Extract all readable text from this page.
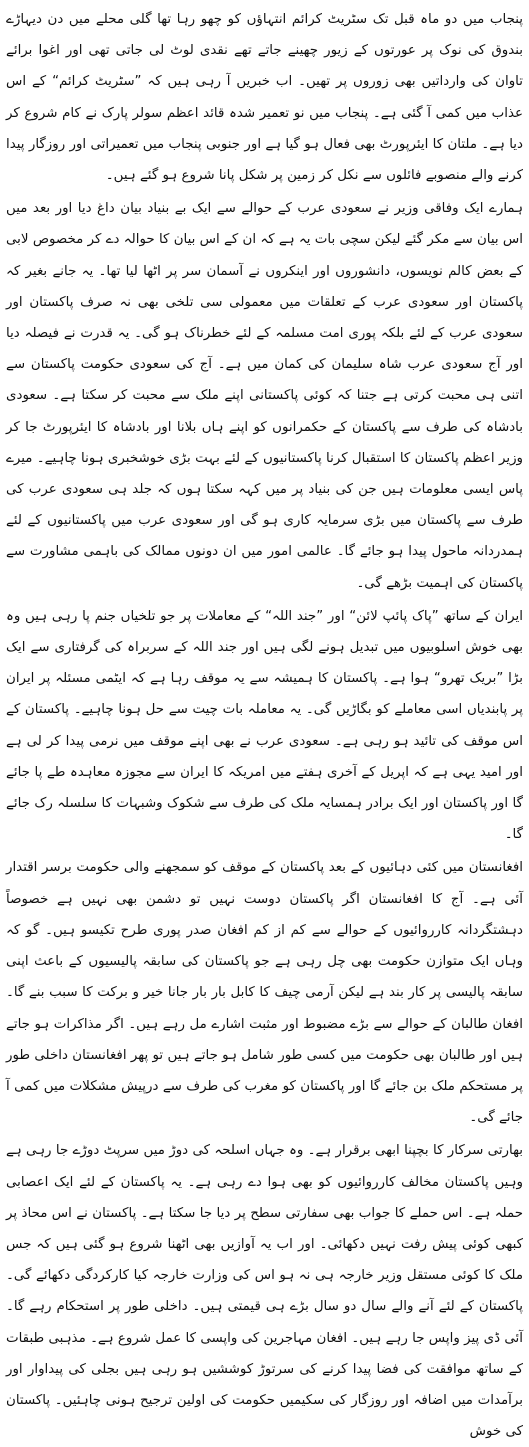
پنجاب میں دو ماہ قبل تک سٹریٹ کرائم انتہاؤں کو چھو رہا تھا گلی محلے میں دن دیہاڑے بندوق کی نوک پر عورتوں کے زیور چھینے جاتے تھے نقدی لوٹ لی جاتی تھی اور اغوا برائے تاوان کی وارداتیں بھی زوروں پر تھیں۔ اب خبریں آ رہی ہیں کہ ”سٹریٹ کرائم“ کے اس عذاب میں کمی آ گئی ہے۔ پنجاب میں نو تعمیر شدہ قائد اعظم سولر پارک نے کام شروع کر دیا ہے۔ ملتان کا ایئرپورٹ بھی فعال ہو گیا ہے اور جنوبی پنجاب میں تعمیراتی اور روزگار پیدا کرنے والے منصوبے فائلوں سے نکل کر زمین پر شکل پانا شروع ہو گئے ہیں۔

ہمارے ایک وفاقی وزیر نے سعودی عرب کے حوالے سے ایک بے بنیاد بیان داغ دیا اور بعد میں اس بیان سے مکر گئے لیکن سچی بات یہ ہے کہ ان کے اس بیان کا حوالہ دے کر مخصوص لابی کے بعض کالم نویسوں، دانشوروں اور اینکروں نے آسمان سر پر اٹھا لیا تھا۔ یہ جانے بغیر کہ پاکستان اور سعودی عرب کے تعلقات میں معمولی سی تلخی بھی نہ صرف پاکستان اور سعودی عرب کے لئے بلکہ پوری امت مسلمہ کے لئے خطرناک ہو گی۔ یہ قدرت نے فیصلہ دیا اور آج سعودی عرب شاہ سلیمان کی کمان میں ہے۔ آج کی سعودی حکومت پاکستان سے اتنی ہی محبت کرتی ہے جتنا کہ کوئی پاکستانی اپنے ملک سے محبت کر سکتا ہے۔ سعودی بادشاہ کی طرف سے پاکستان کے حکمرانوں کو اپنے ہاں بلانا اور بادشاہ کا ایئرپورٹ جا کر وزیر اعظم پاکستان کا استقبال کرنا پاکستانیوں کے لئے بہت بڑی خوشخبری ہونا چاہیے۔ میرے پاس ایسی معلومات ہیں جن کی بنیاد پر میں کہہ سکتا ہوں کہ جلد ہی سعودی عرب کی طرف سے پاکستان میں بڑی سرمایہ کاری ہو گی اور سعودی عرب میں پاکستانیوں کے لئے ہمدردانہ ماحول پیدا ہو جائے گا۔ عالمی امور میں ان دونوں ممالک کی باہمی مشاورت سے پاکستان کی اہمیت بڑھے گی۔

ایران کے ساتھ ”پاک پائپ لائن“ اور ”جند اللہ“ کے معاملات پر جو تلخیاں جنم پا رہی ہیں وہ بھی خوش اسلوبیوں میں تبدیل ہونے لگی ہیں اور جند اللہ کے سربراہ کی گرفتاری سے ایک بڑا ”بریک تھرو“ ہوا ہے۔ پاکستان کا ہمیشہ سے یہ موقف رہا ہے کہ ایٹمی مسئلہ پر ایران پر پابندیاں اسی معاملے کو بگاڑیں گی۔ یہ معاملہ بات چیت سے حل ہونا چاہیے۔ پاکستان کے اس موقف کی تائید ہو رہی ہے۔ سعودی عرب نے بھی اپنے موقف میں نرمی پیدا کر لی ہے اور امید یہی ہے کہ اپریل کے آخری ہفتے میں امریکہ کا ایران سے مجوزہ معاہدہ طے پا جائے گا اور پاکستان اور ایک برادر ہمسایہ ملک کی طرف سے شکوک وشبہات کا سلسلہ رک جائے گا۔

افغانستان میں کئی دہائیوں کے بعد پاکستان کے موقف کو سمجھنے والی حکومت برسر اقتدار آئی ہے۔ آج کا افغانستان اگر پاکستان دوست نہیں تو دشمن بھی نہیں ہے خصوصاً دہشتگردانہ کارروائیوں کے حوالے سے کم از کم افغان صدر پوری طرح تکیسو ہیں۔ گو کہ وہاں ایک متوازن حکومت بھی چل رہی ہے جو پاکستان کی سابقہ پالیسیوں کے باعث اپنی سابقہ پالیسی پر کار بند ہے لیکن آرمی چیف کا کابل بار بار جانا خیر و برکت کا سبب بنے گا۔ افغان طالبان کے حوالے سے بڑے مضبوط اور مثبت اشارے مل رہے ہیں۔ اگر مذاکرات ہو جاتے ہیں اور طالبان بھی حکومت میں کسی طور شامل ہو جاتے ہیں تو پھر افغانستان داخلی طور پر مستحکم ملک بن جائے گا اور پاکستان کو مغرب کی طرف سے درپیش مشکلات میں کمی آ جائے گی۔

بھارتی سرکار کا بچپنا ابھی برقرار ہے۔ وہ جہاں اسلحہ کی دوڑ میں سرپٹ دوڑے جا رہی ہے وہیں پاکستان مخالف کارروائیوں کو بھی ہوا دے رہی ہے۔ یہ پاکستان کے لئے ایک اعصابی حملہ ہے۔ اس حملے کا جواب بھی سفارتی سطح پر دیا جا سکتا ہے۔ پاکستان نے اس محاذ پر کبھی کوئی پیش رفت نہیں دکھائی۔ اور اب یہ آوازیں بھی اٹھنا شروع ہو گئی ہیں کہ جس ملک کا کوئی مستقل وزیر خارجہ ہی نہ ہو اس کی وزارت خارجہ کیا کارکردگی دکھائے گی۔ پاکستان کے لئے آنے والے سال دو سال بڑے ہی قیمتی ہیں۔ داخلی طور پر استحکام رہے گا۔ آئی ڈی پیز واپس جا رہے ہیں۔ افغان مہاجرین کی واپسی کا عمل شروع ہے۔ مذہبی طبقات کے ساتھ موافقت کی فضا پیدا کرنے کی سرتوڑ کوششیں ہو رہی ہیں بجلی کی پیداوار اور برآمدات میں اضافہ اور روزگار کی سکیمیں حکومت کی اولین ترجیح ہونی چاہئیں۔ پاکستان کی خوش
